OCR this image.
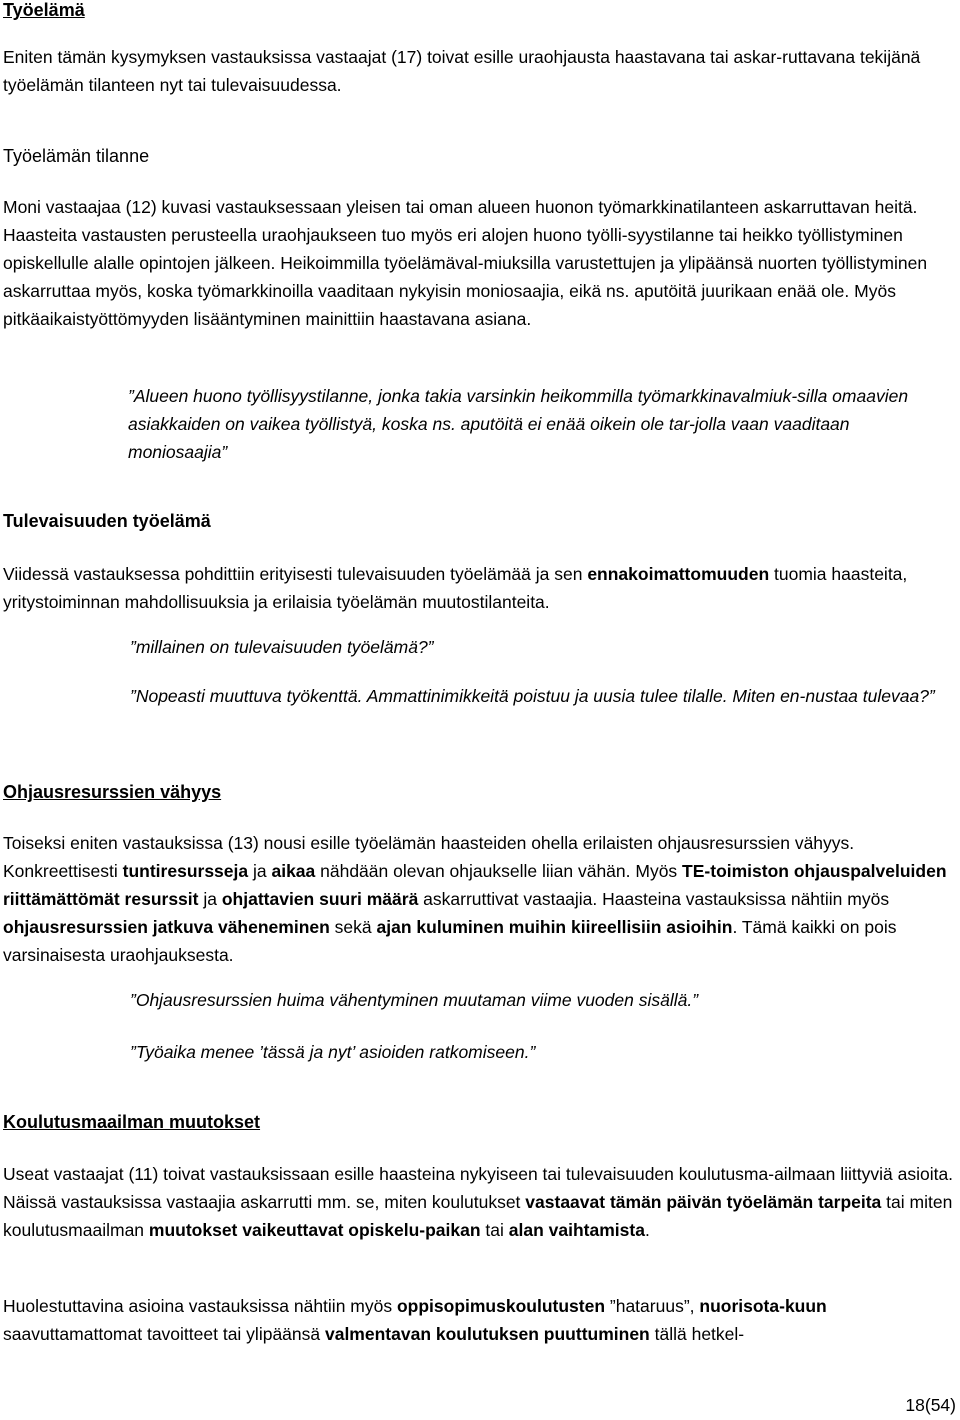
Työelämä

Eniten tämän kysymyksen vastauksissa vastaajat (17) toivat esille uraohjausta haastavana tai askar-ruttavana tekijänä työelämän tilanteen nyt tai tulevaisuudessa.

Työelämän tilanne

Moni vastaajaa (12) kuvasi vastauksessaan yleisen tai oman alueen huonon työmarkkinatilanteen askarruttavan heitä. Haasteita vastausten perusteella uraohjaukseen tuo myös eri alojen huono työlli-syystilanne tai heikko työllistyminen opiskellulle alalle opintojen jälkeen. Heikoimmilla työelämäval-miuksilla varustettujen ja ylipäänsä nuorten työllistyminen askarruttaa myös, koska työmarkkinoilla vaaditaan nykyisin moniosaajia, eikä ns. aputöitä juurikaan enää ole. Myös pitkäaikaistyöttömyyden lisääntyminen mainittiin haastavana asiana.

”Alueen huono työllisyystilanne, jonka takia varsinkin heikommilla työmarkkinavalmiuk-silla omaavien asiakkaiden on vaikea työllistyä, koska ns. aputöitä ei enää oikein ole tar-jolla vaan vaaditaan moniosaajia”

Tulevaisuuden työelämä

Viidessä vastauksessa pohdittiin erityisesti tulevaisuuden työelämää ja sen ennakoimattomuuden tuomia haasteita, yritystoiminnan mahdollisuuksia ja erilaisia työelämän muutostilanteita.

”millainen on tulevaisuuden työelämä?”

”Nopeasti muuttuva työkenttä. Ammattinimikkeitä poistuu ja uusia tulee tilalle. Miten en-nustaa tulevaa?”

Ohjausresurssien vähyys

Toiseksi eniten vastauksissa (13) nousi esille työelämän haasteiden ohella erilaisten ohjausresurssien vähyys. Konkreettisesti tuntiresursseja ja aikaa nähdään olevan ohjaukselle liian vähän. Myös TE-toimiston ohjauspalveluiden riittämättömät resurssit ja ohjattavien suuri määrä askarruttivat vastaajia. Haasteina vastauksissa nähtiin myös ohjausresurssien jatkuva väheneminen sekä ajan kuluminen muihin kiireellisiin asioihin. Tämä kaikki on pois varsinaisesta uraohjauksesta.

”Ohjausresurssien huima vähentyminen muutaman viime vuoden sisällä.”

”Työaika menee ’tässä ja nyt’ asioiden ratkomiseen.”

Koulutusmaailman muutokset

Useat vastaajat (11) toivat vastauksissaan esille haasteina nykyiseen tai tulevaisuuden koulutusma-ailmaan liittyviä asioita. Näissä vastauksissa vastaajia askarrutti mm. se, miten koulutukset vastaavat tämän päivän työelämän tarpeita tai miten koulutusmaailman muutokset vaikeuttavat opiskelu-paikan tai alan vaihtamista.

Huolestuttavina asioina vastauksissa nähtiin myös oppisopimuskoulutusten ”hataruus”, nuorisota-kuun saavuttamattomat tavoitteet tai ylipäänsä valmentavan koulutuksen puuttuminen tällä hetkel-

18(54)
